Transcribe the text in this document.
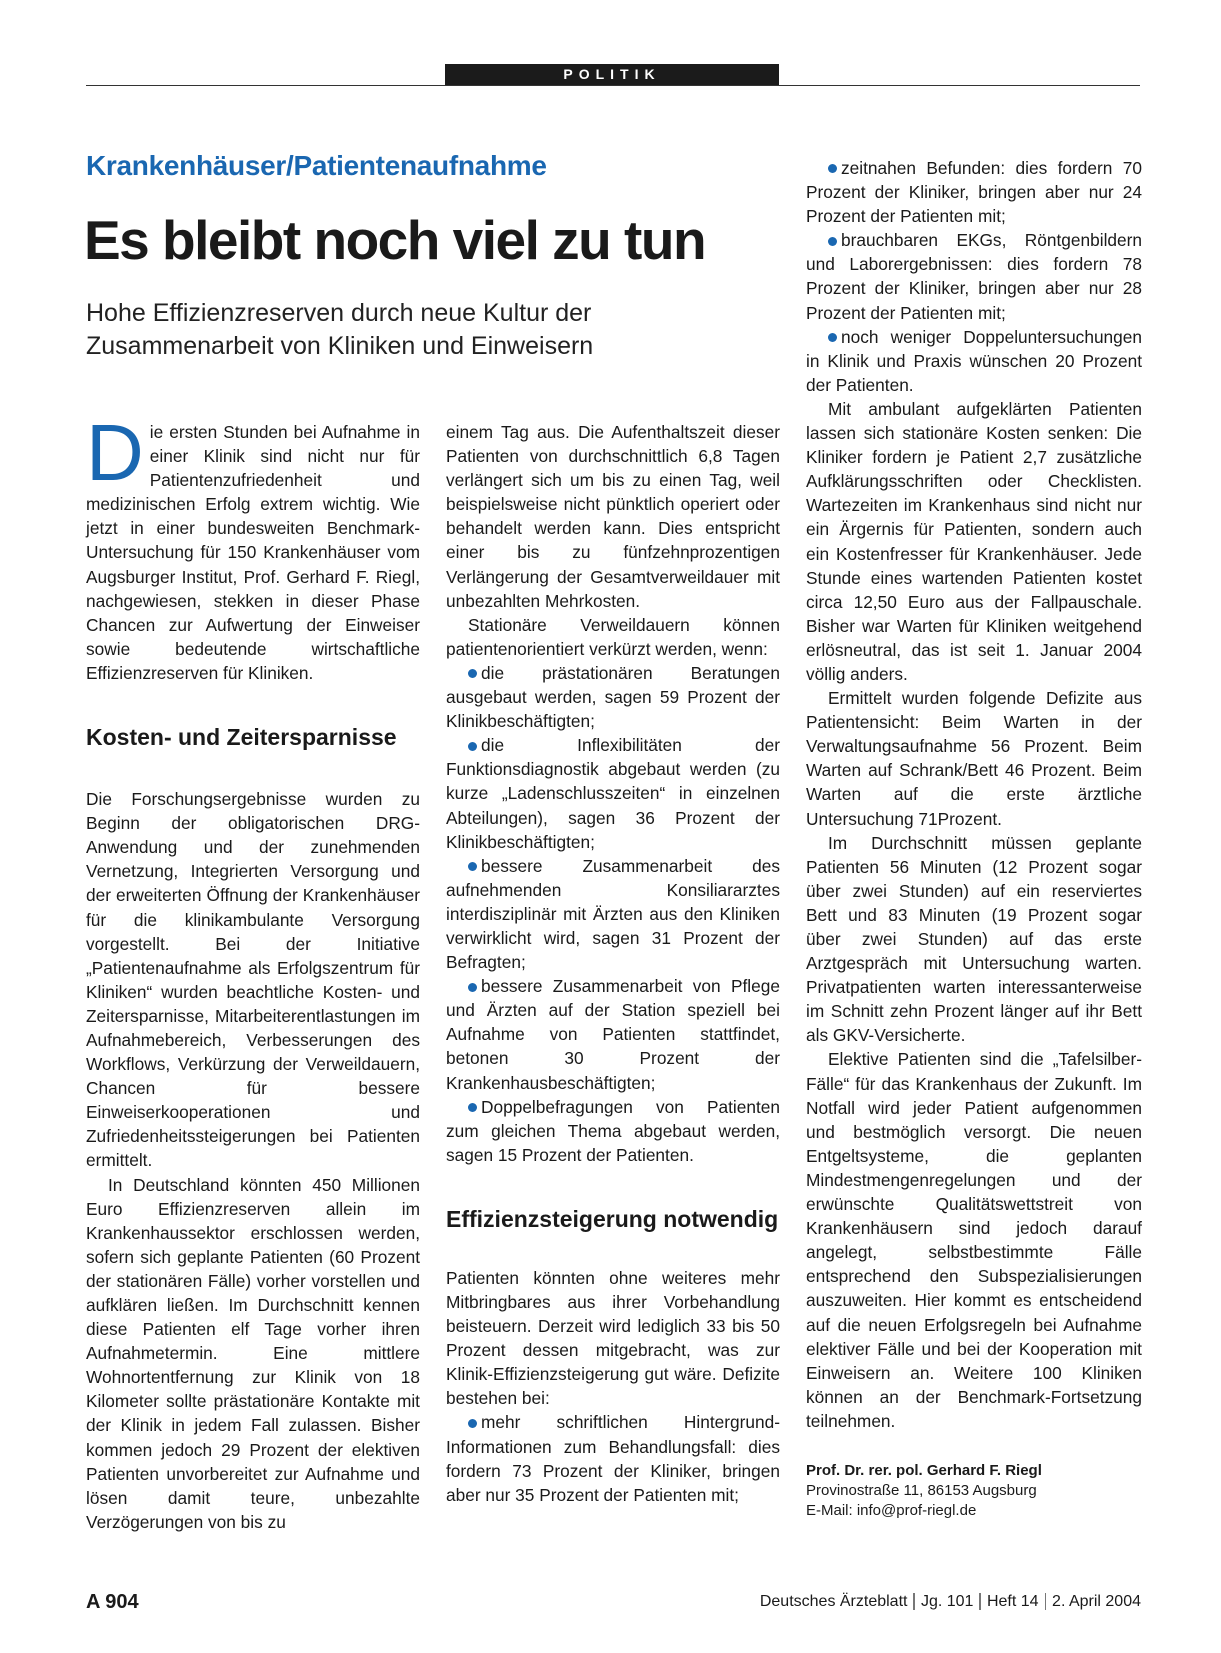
POLITIK
Krankenhäuser/Patientenaufnahme
Es bleibt noch viel zu tun
Hohe Effizienzreserven durch neue Kultur der Zusammenarbeit von Kliniken und Einweisern

Die ersten Stunden bei Aufnahme in einer Klinik sind nicht nur für Patientenzufriedenheit und medizinischen Erfolg extrem wichtig. Wie jetzt in einer bundesweiten Benchmark-Untersuchung für 150 Krankenhäuser vom Augsburger Institut, Prof. Gerhard F. Riegl, nachgewiesen, stekken in dieser Phase Chancen zur Aufwertung der Einweiser sowie bedeutende wirtschaftliche Effizienzreserven für Kliniken.

Kosten- und Zeitersparnisse

Die Forschungsergebnisse wurden zu Beginn der obligatorischen DRG-Anwendung und der zunehmenden Vernetzung, Integrierten Versorgung und der erweiterten Öffnung der Krankenhäuser für die klinikambulante Versorgung vorgestellt. Bei der Initiative „Patientenaufnahme als Erfolgszentrum für Kliniken“ wurden beachtliche Kosten- und Zeitersparnisse, Mitarbeiterentlastungen im Aufnahmebereich, Verbesserungen des Workflows, Verkürzung der Verweildauern, Chancen für bessere Einweiserkooperationen und Zufriedenheitssteigerungen bei Patienten ermittelt.

In Deutschland könnten 450 Millionen Euro Effizienzreserven allein im Krankenhaussektor erschlossen werden, sofern sich geplante Patienten (60 Prozent der stationären Fälle) vorher vorstellen und aufklären ließen. Im Durchschnitt kennen diese Patienten elf Tage vorher ihren Aufnahmetermin. Eine mittlere Wohnortentfernung zur Klinik von 18 Kilometer sollte prästationäre Kontakte mit der Klinik in jedem Fall zulassen. Bisher kommen jedoch 29 Prozent der elektiven Patienten unvorbereitet zur Aufnahme und lösen damit teure, unbezahlte Verzögerungen von bis zu

einem Tag aus. Die Aufenthaltszeit dieser Patienten von durchschnittlich 6,8 Tagen verlängert sich um bis zu einen Tag, weil beispielsweise nicht pünktlich operiert oder behandelt werden kann. Dies entspricht einer bis zu fünfzehnprozentigen Verlängerung der Gesamtverweildauer mit unbezahlten Mehrkosten.

Stationäre Verweildauern können patientenorientiert verkürzt werden, wenn:

die prästationären Beratungen ausgebaut werden, sagen 59 Prozent der Klinikbeschäftigten;

die Inflexibilitäten der Funktionsdiagnostik abgebaut werden (zu kurze „Ladenschlusszeiten“ in einzelnen Abteilungen), sagen 36 Prozent der Klinikbeschäftigten;

bessere Zusammenarbeit des aufnehmenden Konsiliararztes interdisziplinär mit Ärzten aus den Kliniken verwirklicht wird, sagen 31 Prozent der Befragten;

bessere Zusammenarbeit von Pflege und Ärzten auf der Station speziell bei Aufnahme von Patienten stattfindet, betonen 30 Prozent der Krankenhausbeschäftigten;

Doppelbefragungen von Patienten zum gleichen Thema abgebaut werden, sagen 15 Prozent der Patienten.

Effizienzsteigerung notwendig

Patienten könnten ohne weiteres mehr Mitbringbares aus ihrer Vorbehandlung beisteuern. Derzeit wird lediglich 33 bis 50 Prozent dessen mitgebracht, was zur Klinik-Effizienzsteigerung gut wäre. Defizite bestehen bei:

mehr schriftlichen Hintergrund-Informationen zum Behandlungsfall: dies fordern 73 Prozent der Kliniker, bringen aber nur 35 Prozent der Patienten mit;

zeitnahen Befunden: dies fordern 70 Prozent der Kliniker, bringen aber nur 24 Prozent der Patienten mit;

brauchbaren EKGs, Röntgenbildern und Laborergebnissen: dies fordern 78 Prozent der Kliniker, bringen aber nur 28 Prozent der Patienten mit;

noch weniger Doppeluntersuchungen in Klinik und Praxis wünschen 20 Prozent der Patienten.

Mit ambulant aufgeklärten Patienten lassen sich stationäre Kosten senken: Die Kliniker fordern je Patient 2,7 zusätzliche Aufklärungsschriften oder Checklisten. Wartezeiten im Krankenhaus sind nicht nur ein Ärgernis für Patienten, sondern auch ein Kostenfresser für Krankenhäuser. Jede Stunde eines wartenden Patienten kostet circa 12,50 Euro aus der Fallpauschale. Bisher war Warten für Kliniken weitgehend erlösneutral, das ist seit 1. Januar 2004 völlig anders.

Ermittelt wurden folgende Defizite aus Patientensicht: Beim Warten in der Verwaltungsaufnahme 56 Prozent. Beim Warten auf Schrank/Bett 46 Prozent. Beim Warten auf die erste ärztliche Untersuchung 71Prozent.

Im Durchschnitt müssen geplante Patienten 56 Minuten (12 Prozent sogar über zwei Stunden) auf ein reserviertes Bett und 83 Minuten (19 Prozent sogar über zwei Stunden) auf das erste Arztgespräch mit Untersuchung warten. Privatpatienten warten interessanterweise im Schnitt zehn Prozent länger auf ihr Bett als GKV-Versicherte.

Elektive Patienten sind die „Tafelsilber-Fälle“ für das Krankenhaus der Zukunft. Im Notfall wird jeder Patient aufgenommen und bestmöglich versorgt. Die neuen Entgeltsysteme, die geplanten Mindestmengenregelungen und der erwünschte Qualitätswettstreit von Krankenhäusern sind jedoch darauf angelegt, selbstbestimmte Fälle entsprechend den Subspezialisierungen auszuweiten. Hier kommt es entscheidend auf die neuen Erfolgsregeln bei Aufnahme elektiver Fälle und bei der Kooperation mit Einweisern an. Weitere 100 Kliniken können an der Benchmark-Fortsetzung teilnehmen.

Prof. Dr. rer. pol. Gerhard F. Riegl
Provinostraße 11, 86153 Augsburg
E-Mail: info@prof-riegl.de
A 904	Deutsches Ärzteblatt Jg. 101 Heft 14 2. April 2004
